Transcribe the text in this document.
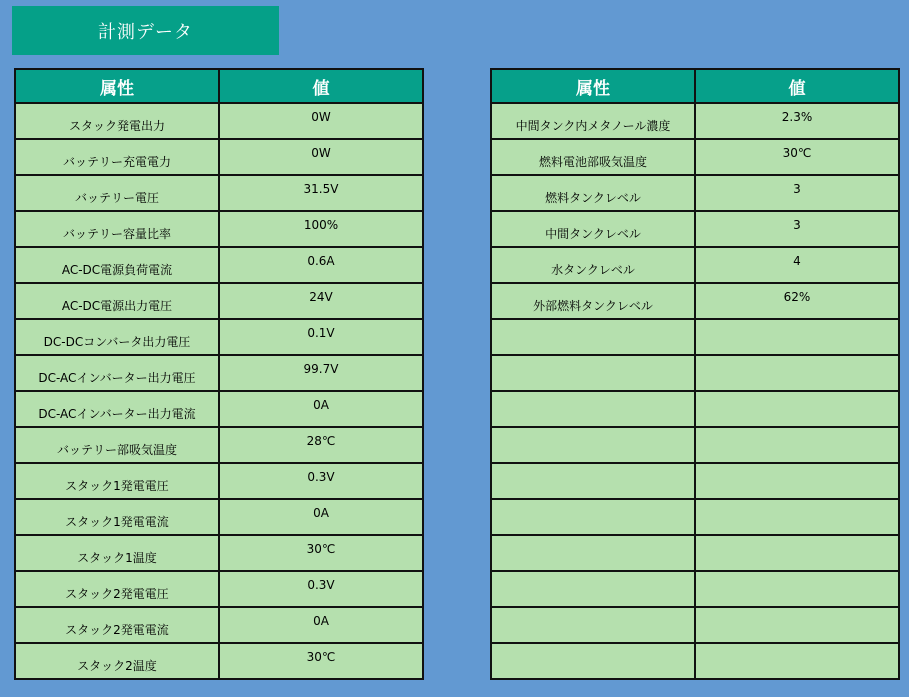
計測データ
属性	値
スタック発電出力	0W
バッテリー充電電力	0W
バッテリー電圧	31.5V
バッテリー容量比率	100%
AC-DC電源負荷電流	0.6A
AC-DC電源出力電圧	24V
DC-DCコンバータ出力電圧	0.1V
DC-ACインバーター出力電圧	99.7V
DC-ACインバーター出力電流	0A
バッテリー部吸気温度	28℃
スタック1発電電圧	0.3V
スタック1発電電流	0A
スタック1温度	30℃
スタック2発電電圧	0.3V
スタック2発電電流	0A
スタック2温度	30℃
属性	値
中間タンク内メタノール濃度	2.3%
燃料電池部吸気温度	30℃
燃料タンクレベル	3
中間タンクレベル	3
水タンクレベル	4
外部燃料タンクレベル	62%
